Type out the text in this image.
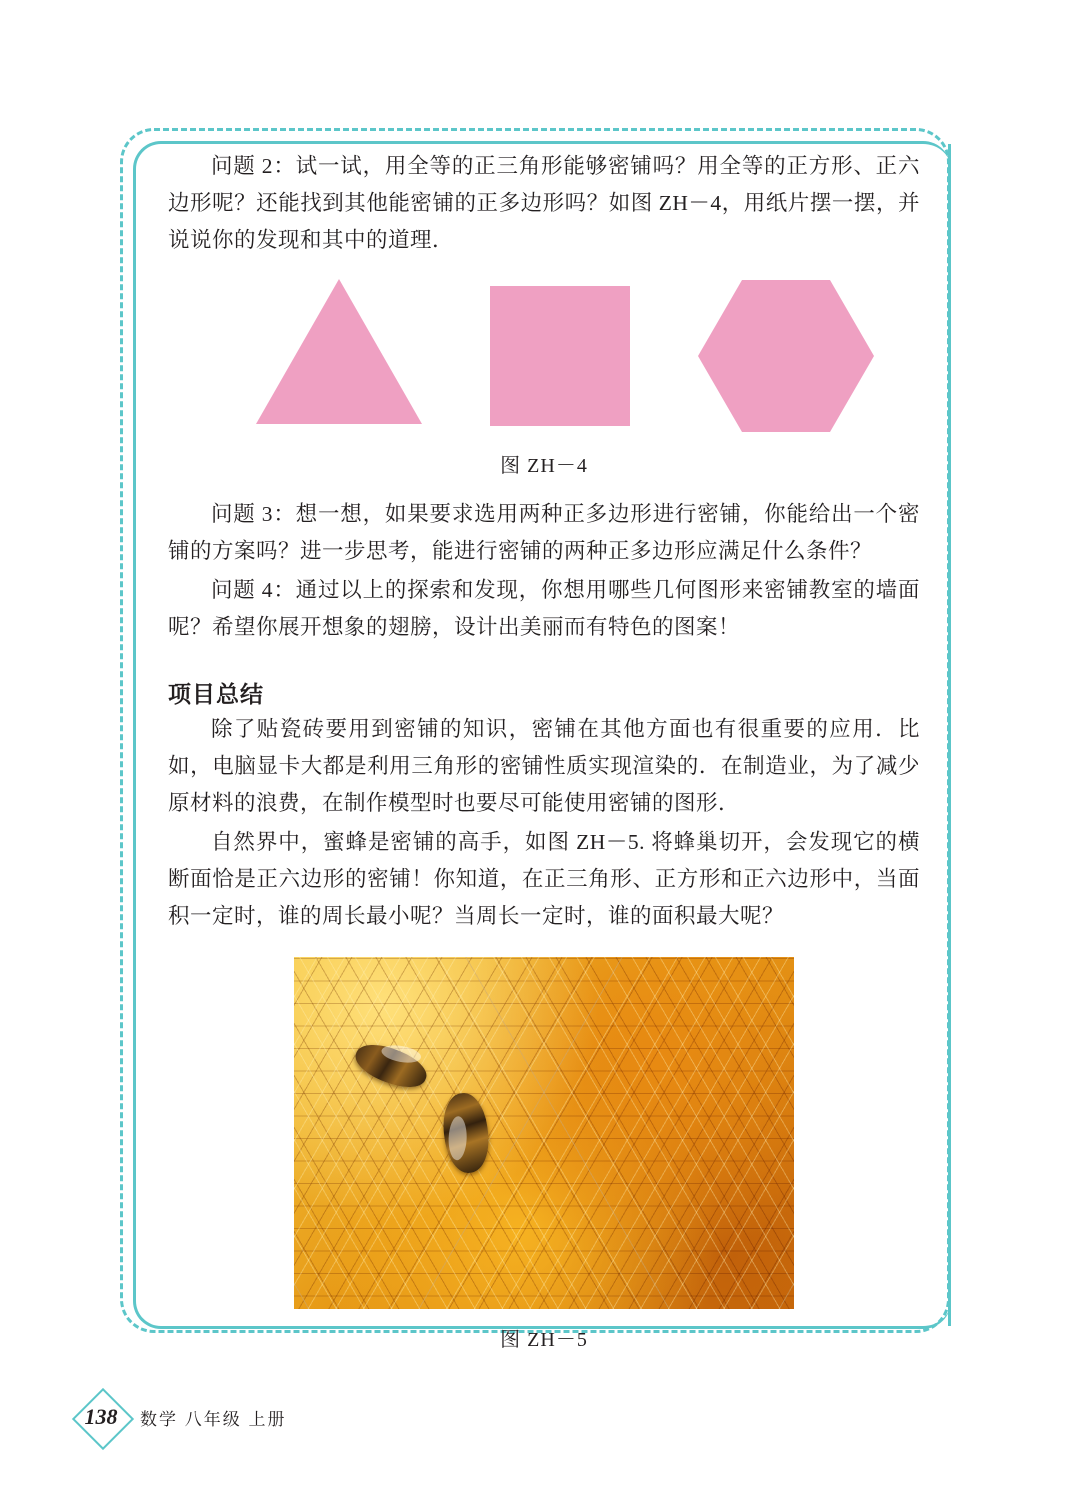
问题 2：试一试，用全等的正三角形能够密铺吗？用全等的正方形、正六边形呢？还能找到其他能密铺的正多边形吗？如图 ZH－4，用纸片摆一摆，并说说你的发现和其中的道理．

图 ZH－4

问题 3：想一想，如果要求选用两种正多边形进行密铺，你能给出一个密铺的方案吗？进一步思考，能进行密铺的两种正多边形应满足什么条件？

问题 4：通过以上的探索和发现，你想用哪些几何图形来密铺教室的墙面呢？希望你展开想象的翅膀，设计出美丽而有特色的图案！

项目总结

除了贴瓷砖要用到密铺的知识，密铺在其他方面也有很重要的应用．比如，电脑显卡大都是利用三角形的密铺性质实现渲染的．在制造业，为了减少原材料的浪费，在制作模型时也要尽可能使用密铺的图形．

自然界中，蜜蜂是密铺的高手，如图 ZH－5. 将蜂巢切开，会发现它的横断面恰是正六边形的密铺！你知道，在正三角形、正方形和正六边形中，当面积一定时，谁的周长最小呢？当周长一定时，谁的面积最大呢？

图 ZH－5
138 数学 八年级 上册
